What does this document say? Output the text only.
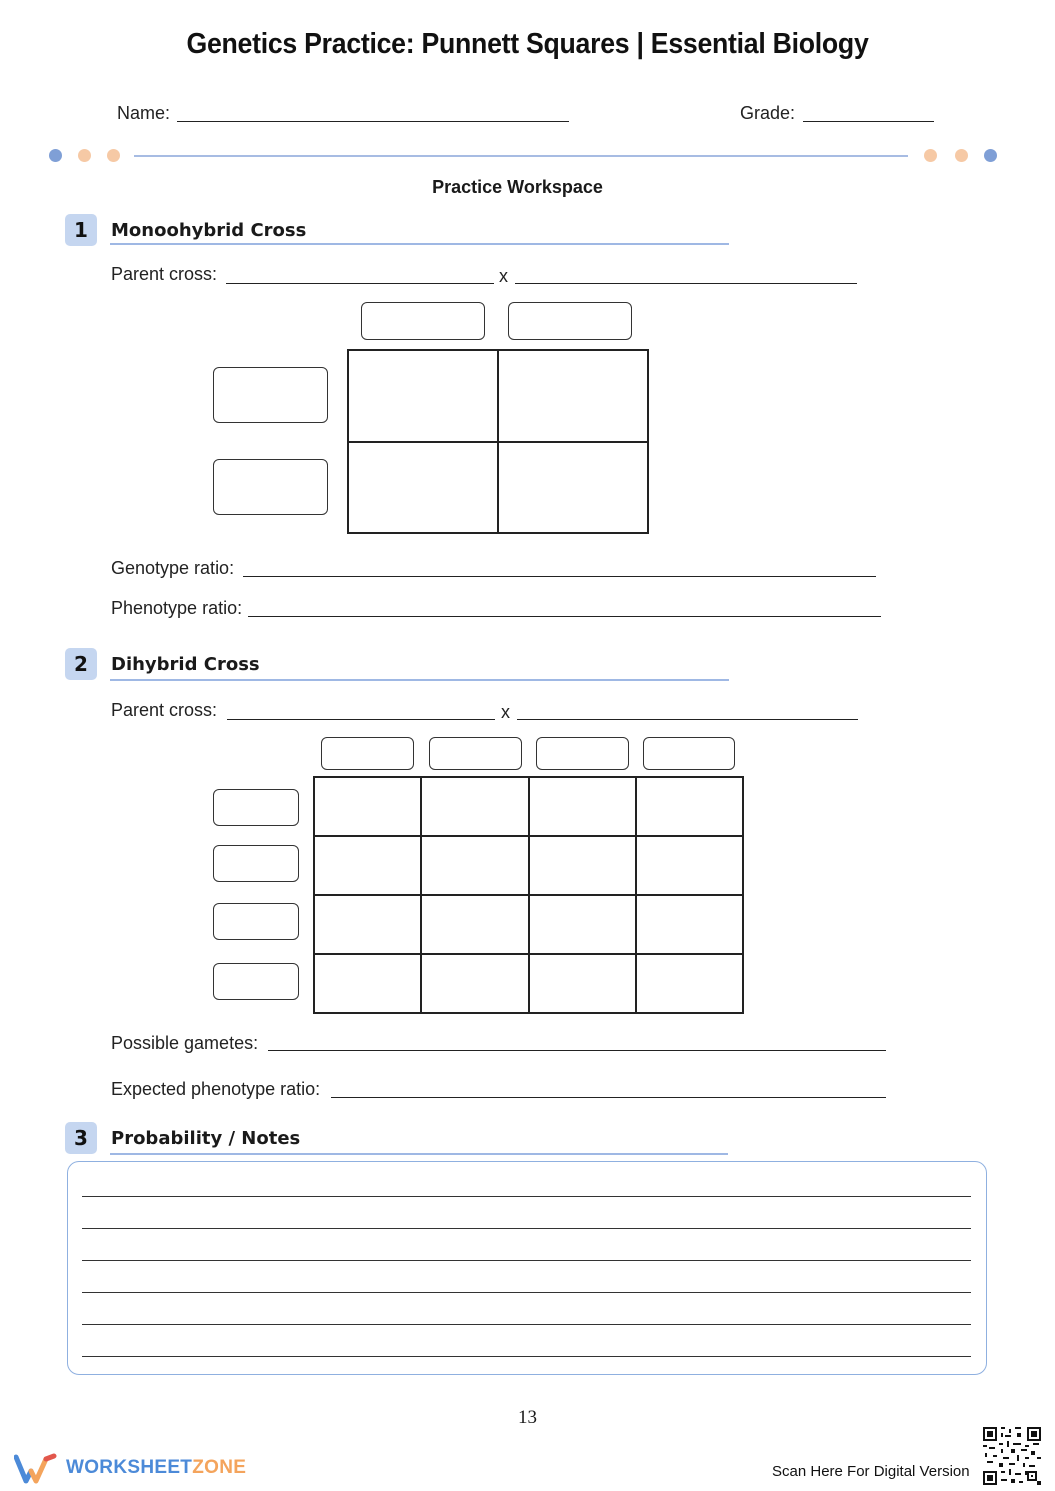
Genetics Practice: Punnett Squares | Essential Biology
Name:	Grade:
Practice Workspace
1	Monoohybrid Cross
Parent cross:	x
Genotype ratio:
Phenotype ratio:
2	Dihybrid Cross
Parent cross:	x
Possible gametes:
Expected phenotype ratio:
3	Probability / Notes
13
WORKSHEETZONE	Scan Here For Digital Version
